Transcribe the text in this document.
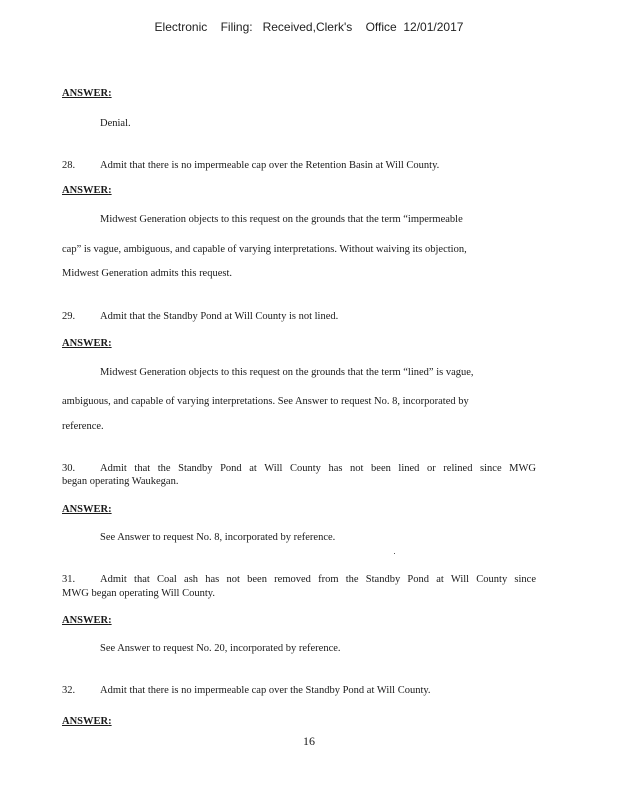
Electronic    Filing:   Received,Clerk's    Office  12/01/2017
ANSWER:
Denial.
28. Admit that there is no impermeable cap over the Retention Basin at Will County.
ANSWER:
Midwest Generation objects to this request on the grounds that the term “impermeable
cap” is vague, ambiguous, and capable of varying interpretations. Without waiving its objection,
Midwest Generation admits this request.
29. Admit that the Standby Pond at Will County is not lined.
ANSWER:
Midwest Generation objects to this request on the grounds that the term “lined” is vague,
ambiguous, and capable of varying interpretations. See Answer to request No. 8, incorporated by
reference.
30. Admit that the Standby Pond at Will County has not been lined or relined since MWG
began operating Waukegan.
ANSWER:
See Answer to request No. 8, incorporated by reference.
31. Admit that Coal ash has not been removed from the Standby Pond at Will County since
MWG began operating Will County.
ANSWER:
See Answer to request No. 20, incorporated by reference.
32. Admit that there is no impermeable cap over the Standby Pond at Will County.
ANSWER:
16
